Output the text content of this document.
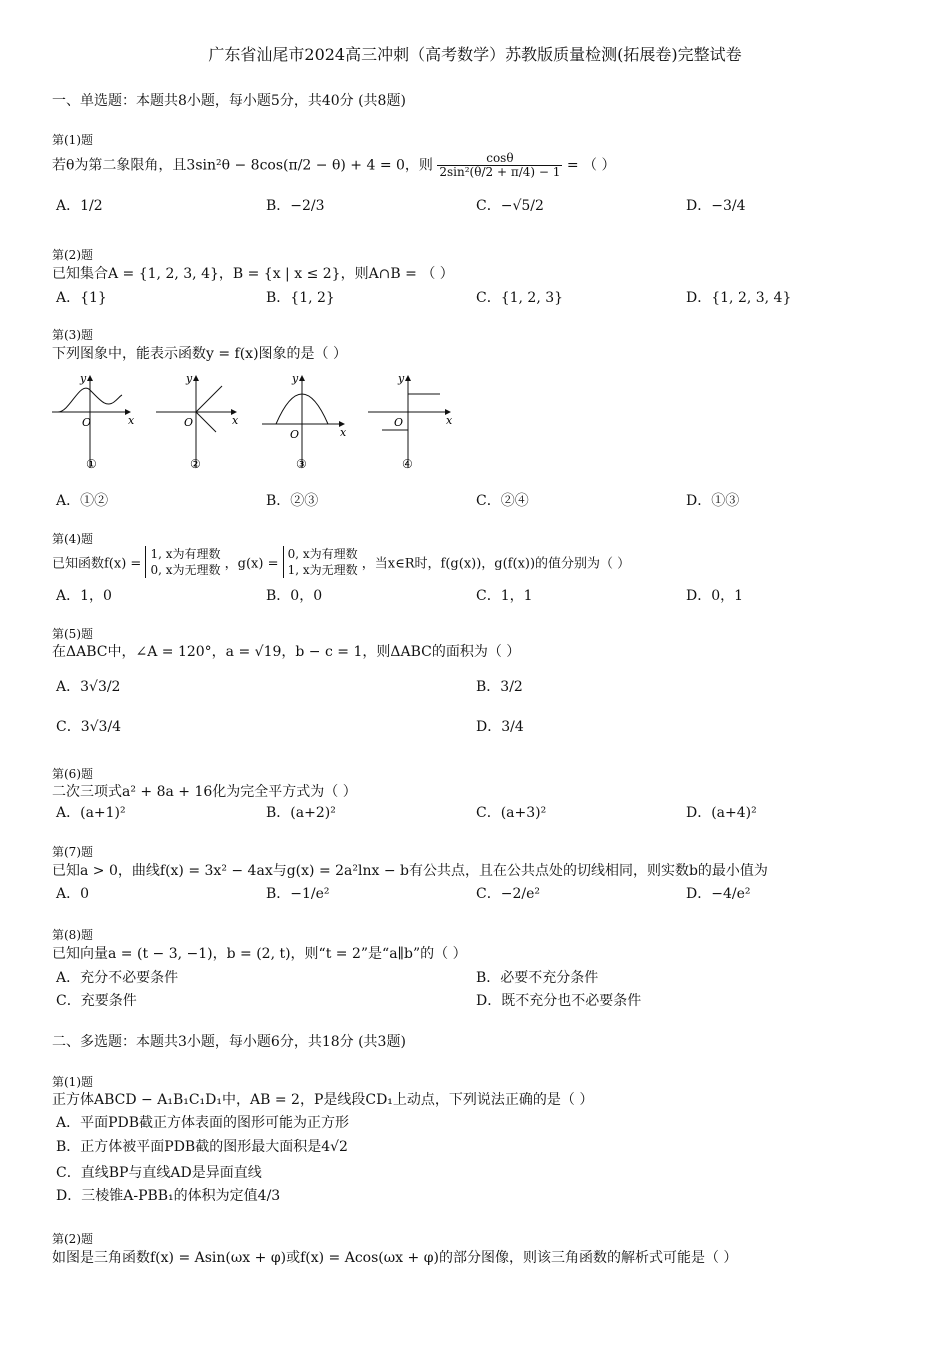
广东省汕尾市2024高三冲刺（高考数学）苏教版质量检测(拓展卷)完整试卷
一、单选题：本题共8小题，每小题5分，共40分 (共8题)
第(1)题
若θ为第二象限角，且3sin²θ − 8cos(π/2 − θ) + 4 = 0，则 $\frac{\cos\theta}{\text{2sin²(θ/2 + π/4) − 1}}$ = （ ）
A．1/2	B．−2/3	C．−√5/2	D．−3/4
第(2)题
已知集合A = {1, 2, 3, 4}，B = {x | x ≤ 2}，则A∩B = （ ）
A．{1}	B．{1, 2}	C．{1, 2, 3}	D．{1, 2, 3, 4}
第(3)题
下列图象中，能表示函数y = f(x)图象的是（ ）
O
y
x
①
O
y
x
②
O
y
x
③
O
y
x
④
A．①②	B．②③	C．②④	D．①③
第(4)题
已知函数f(x) =
1, x为有理数
0, x为无理数 ，g(x) =
0, x为有理数
1, x为无理数 ，当x∈R时，f(g(x))，g(f(x))的值分别为（ ）
A．1，0	B．0，0	C．1，1	D．0，1
第(5)题
在ΔABC中，∠A = 120°，a = √19，b − c = 1，则ΔABC的面积为（ ）
A．3√3/2	B．3/2
C．3√3/4	D．3/4
第(6)题
二次三项式a² + 8a + 16化为完全平方式为（ ）
A．(a+1)²	B．(a+2)²	C．(a+3)²	D．(a+4)²
第(7)题
已知a > 0，曲线f(x) = 3x² − 4ax与g(x) = 2a²lnx − b有公共点，且在公共点处的切线相同，则实数b的最小值为
A．0	B．−1/e²	C．−2/e²	D．−4/e²
第(8)题
已知向量a = (t − 3, −1)，b = (2, t)，则“t = 2”是“a∥b”的（ ）
A．充分不必要条件	B．必要不充分条件
C．充要条件	D．既不充分也不必要条件
二、多选题：本题共3小题，每小题6分，共18分 (共3题)
第(1)题
正方体ABCD − A₁B₁C₁D₁中，AB = 2，P是线段CD₁上动点，下列说法正确的是（ ）
A．平面PDB截正方体表面的图形可能为正方形
B．正方体被平面PDB截的图形最大面积是4√2
C．直线BP与直线AD是异面直线
D．三棱锥A-PBB₁的体积为定值4/3
第(2)题
如图是三角函数f(x) = Asin(ωx + φ)或f(x) = Acos(ωx + φ)的部分图像，则该三角函数的解析式可能是（ ）
